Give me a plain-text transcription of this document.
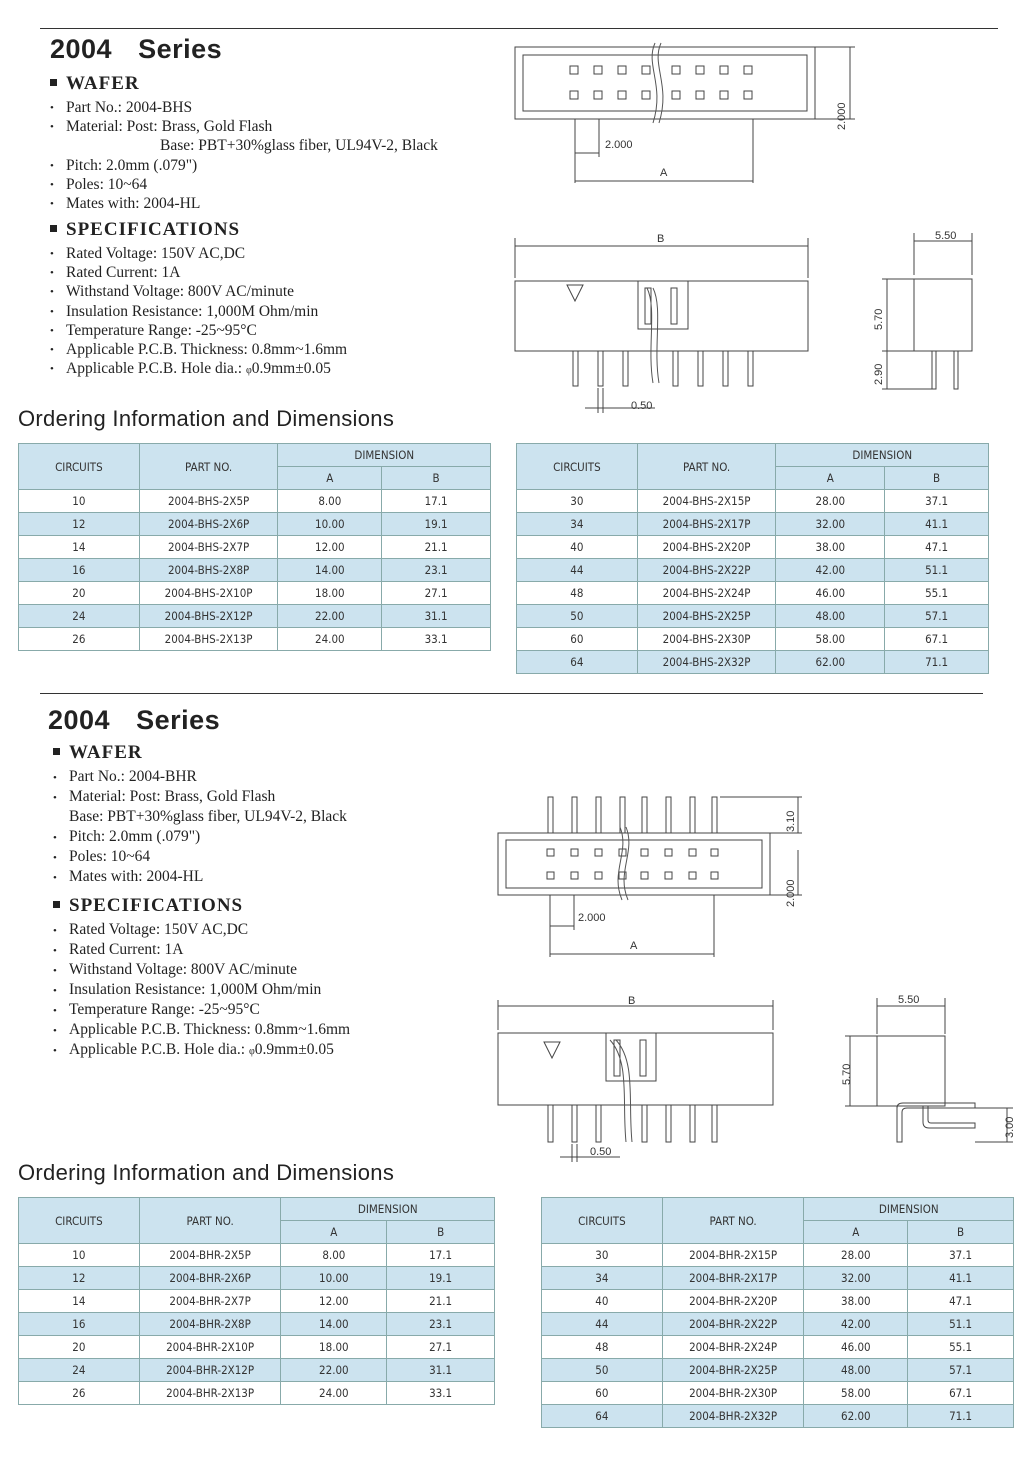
2004 Series
WAFER
• Part No.: 2004-BHS
• Material: Post: Brass, Gold Flash
Base: PBT+30%glass fiber, UL94V-2, Black
• Pitch: 2.0mm (.079")
• Poles: 10~64
• Mates with: 2004-HL
SPECIFICATIONS
• Rated Voltage: 150V AC,DC
• Rated Current: 1A
• Withstand Voltage: 800V AC/minute
• Insulation Resistance: 1,000M Ohm/min
• Temperature Range: -25~95°C
• Applicable P.C.B. Thickness: 0.8mm~1.6mm
• Applicable P.C.B. Hole dia.: φ0.9mm±0.05
2.000
A
2.000
B
0.50
5.50
5.70
2.90
Ordering Information and Dimensions
CIRCUITS	PART NO.	DIMENSION	
		A	B
10	2004-BHS-2X5P	8.00	17.1
12	2004-BHS-2X6P	10.00	19.1
14	2004-BHS-2X7P	12.00	21.1
16	2004-BHS-2X8P	14.00	23.1
20	2004-BHS-2X10P	18.00	27.1
24	2004-BHS-2X12P	22.00	31.1
26	2004-BHS-2X13P	24.00	33.1
CIRCUITS	PART NO.	DIMENSION	
		A	B
30	2004-BHS-2X15P	28.00	37.1
34	2004-BHS-2X17P	32.00	41.1
40	2004-BHS-2X20P	38.00	47.1
44	2004-BHS-2X22P	42.00	51.1
48	2004-BHS-2X24P	46.00	55.1
50	2004-BHS-2X25P	48.00	57.1
60	2004-BHS-2X30P	58.00	67.1
64	2004-BHS-2X32P	62.00	71.1
2004 Series
WAFER
• Part No.: 2004-BHR
• Material: Post: Brass, Gold Flash
Base: PBT+30%glass fiber, UL94V-2, Black
• Pitch: 2.0mm (.079")
• Poles: 10~64
• Mates with: 2004-HL
SPECIFICATIONS
• Rated Voltage: 150V AC,DC
• Rated Current: 1A
• Withstand Voltage: 800V AC/minute
• Insulation Resistance: 1,000M Ohm/min
• Temperature Range: -25~95°C
• Applicable P.C.B. Thickness: 0.8mm~1.6mm
• Applicable P.C.B. Hole dia.: φ0.9mm±0.05
2.000
A
3.10
2.000
B
0.50
5.50
5.70
3.00
Ordering Information and Dimensions
CIRCUITS	PART NO.	DIMENSION	
		A	B
10	2004-BHR-2X5P	8.00	17.1
12	2004-BHR-2X6P	10.00	19.1
14	2004-BHR-2X7P	12.00	21.1
16	2004-BHR-2X8P	14.00	23.1
20	2004-BHR-2X10P	18.00	27.1
24	2004-BHR-2X12P	22.00	31.1
26	2004-BHR-2X13P	24.00	33.1
CIRCUITS	PART NO.	DIMENSION	
		A	B
30	2004-BHR-2X15P	28.00	37.1
34	2004-BHR-2X17P	32.00	41.1
40	2004-BHR-2X20P	38.00	47.1
44	2004-BHR-2X22P	42.00	51.1
48	2004-BHR-2X24P	46.00	55.1
50	2004-BHR-2X25P	48.00	57.1
60	2004-BHR-2X30P	58.00	67.1
64	2004-BHR-2X32P	62.00	71.1
